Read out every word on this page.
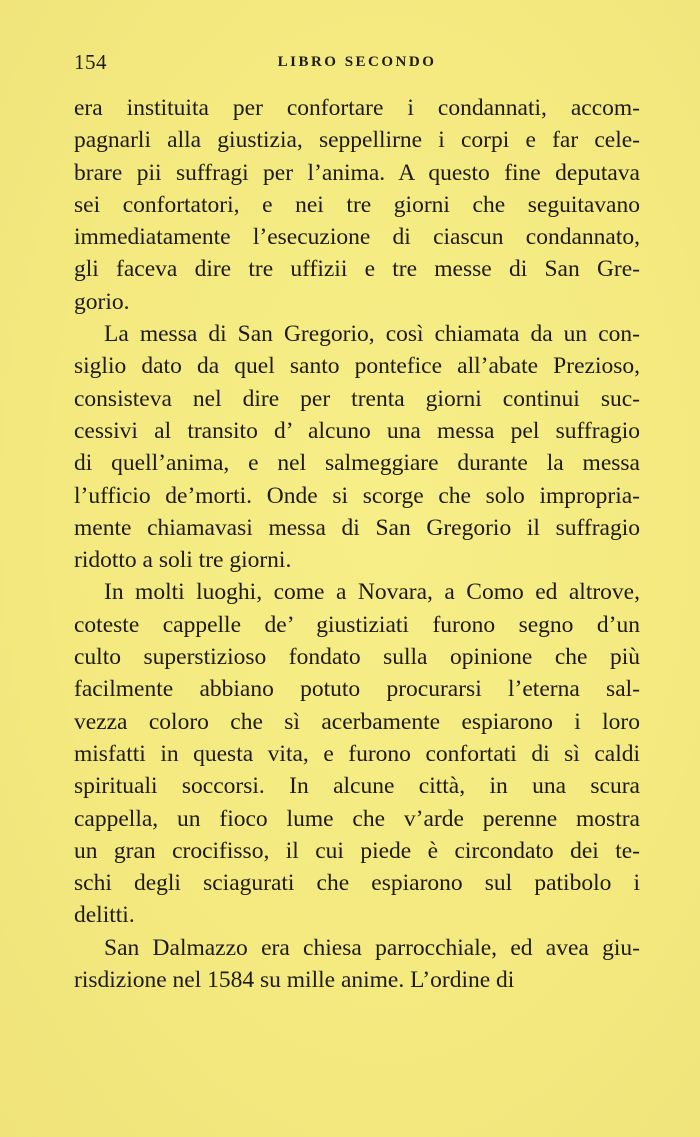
154	LIBRO SECONDO
era instituita per confortare i condannati, accom-
pagnarli alla giustizia, seppellirne i corpi e far cele-
brare pii suffragi per l’anima. A questo fine deputava
sei confortatori, e nei tre giorni che seguitavano
immediatamente l’esecuzione di ciascun condannato,
gli faceva dire tre uffizii e tre messe di San Gre-
gorio.
La messa di San Gregorio, così chiamata da un con-
siglio dato da quel santo pontefice all’abate Prezioso,
consisteva nel dire per trenta giorni continui suc-
cessivi al transito d’ alcuno una messa pel suffragio
di quell’anima, e nel salmeggiare durante la messa
l’ufficio de’morti. Onde si scorge che solo impropria-
mente chiamavasi messa di San Gregorio il suffragio
ridotto a soli tre giorni.
In molti luoghi, come a Novara, a Como ed altrove,
coteste cappelle de’ giustiziati furono segno d’un
culto superstizioso fondato sulla opinione che più
facilmente abbiano potuto procurarsi l’eterna sal-
vezza coloro che sì acerbamente espiarono i loro
misfatti in questa vita, e furono confortati di sì caldi
spirituali soccorsi. In alcune città, in una scura
cappella, un fioco lume che v’arde perenne mostra
un gran crocifisso, il cui piede è circondato dei te-
schi degli sciagurati che espiarono sul patibolo i
delitti.
San Dalmazzo era chiesa parrocchiale, ed avea giu-
risdizione nel 1584 su mille anime. L’ordine di
